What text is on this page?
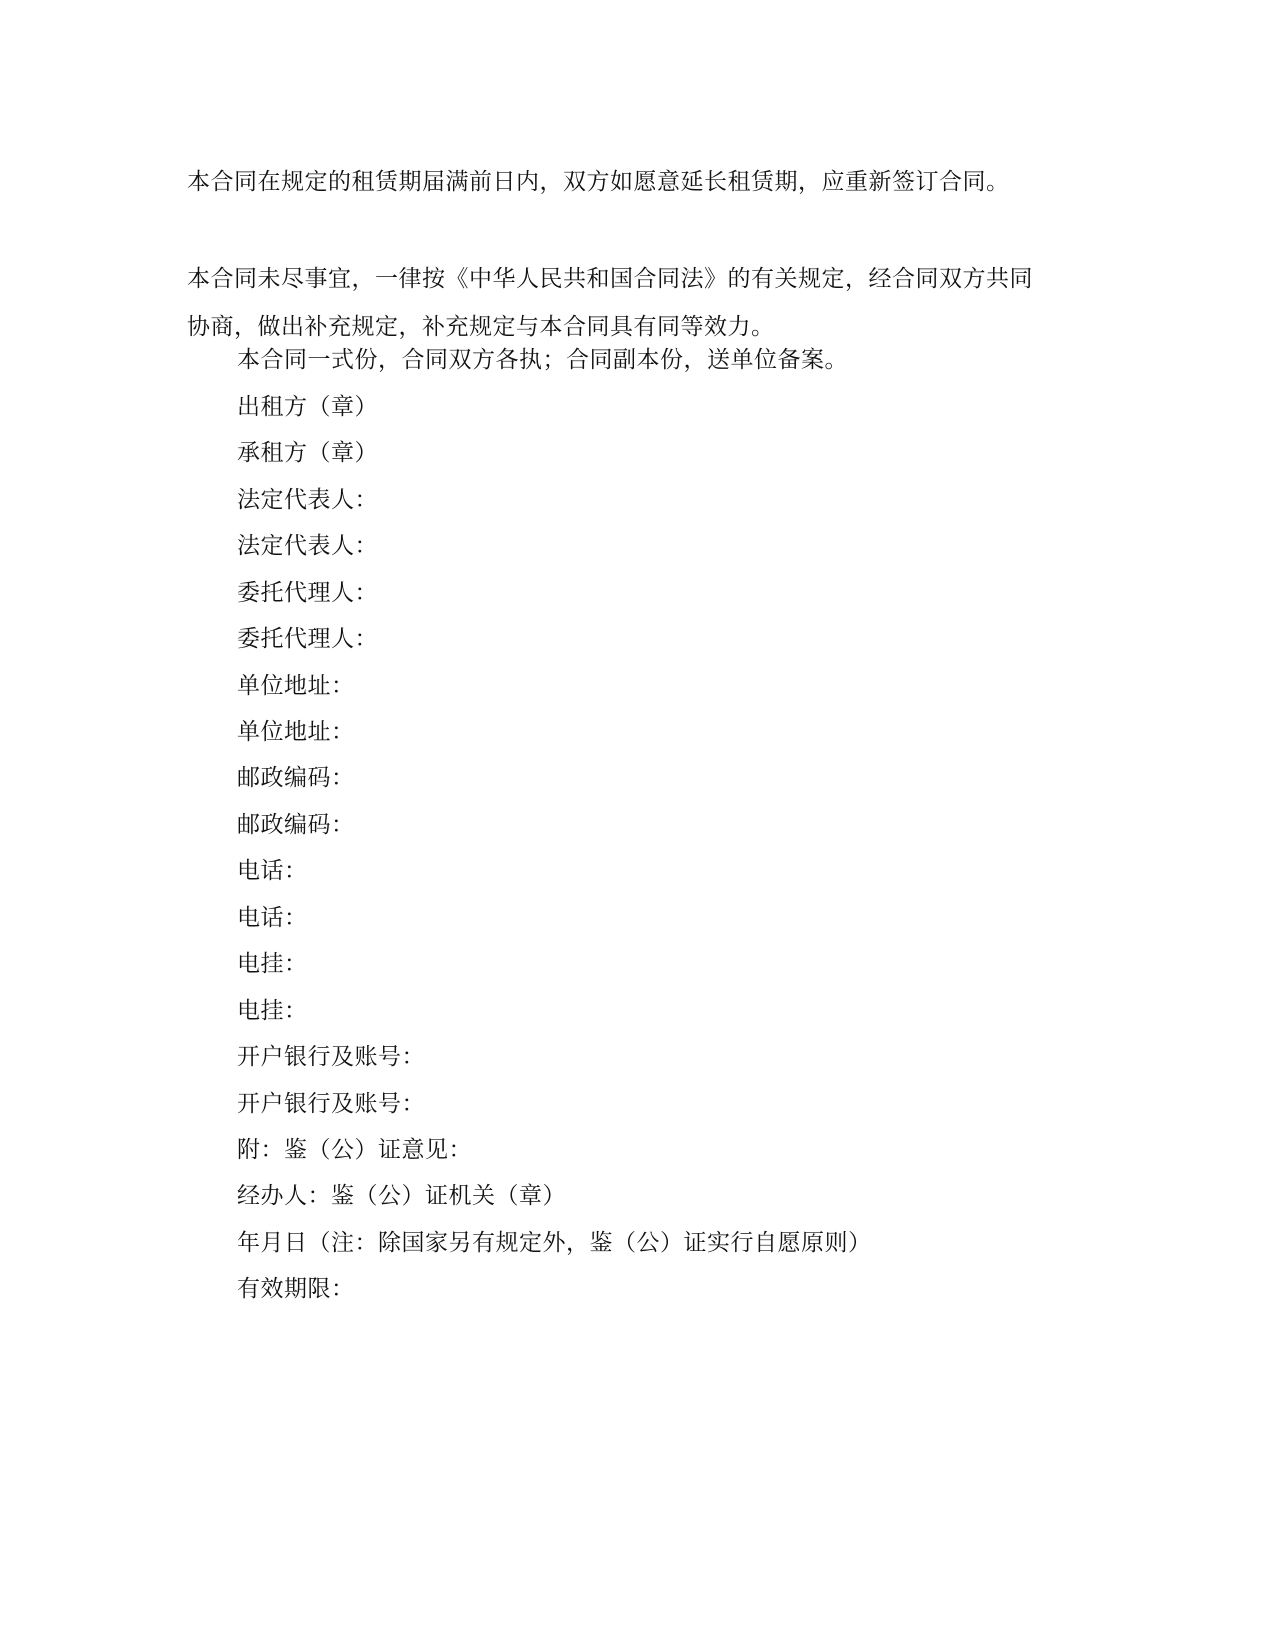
本合同在规定的租赁期届满前日内，双方如愿意延长租赁期，应重新签订合同。

本合同未尽事宜，一律按《中华人民共和国合同法》的有关规定，经合同双方共同
协商，做出补充规定，补充规定与本合同具有同等效力。

本合同一式份，合同双方各执；合同副本份，送单位备案。

出租方（章）

承租方（章）

法定代表人：

法定代表人：

委托代理人：

委托代理人：

单位地址：

单位地址：

邮政编码：

邮政编码：

电话：

电话：

电挂：

电挂：

开户银行及账号：

开户银行及账号：

附：鉴（公）证意见：

经办人：鉴（公）证机关（章）

年月日（注：除国家另有规定外，鉴（公）证实行自愿原则）

有效期限：
